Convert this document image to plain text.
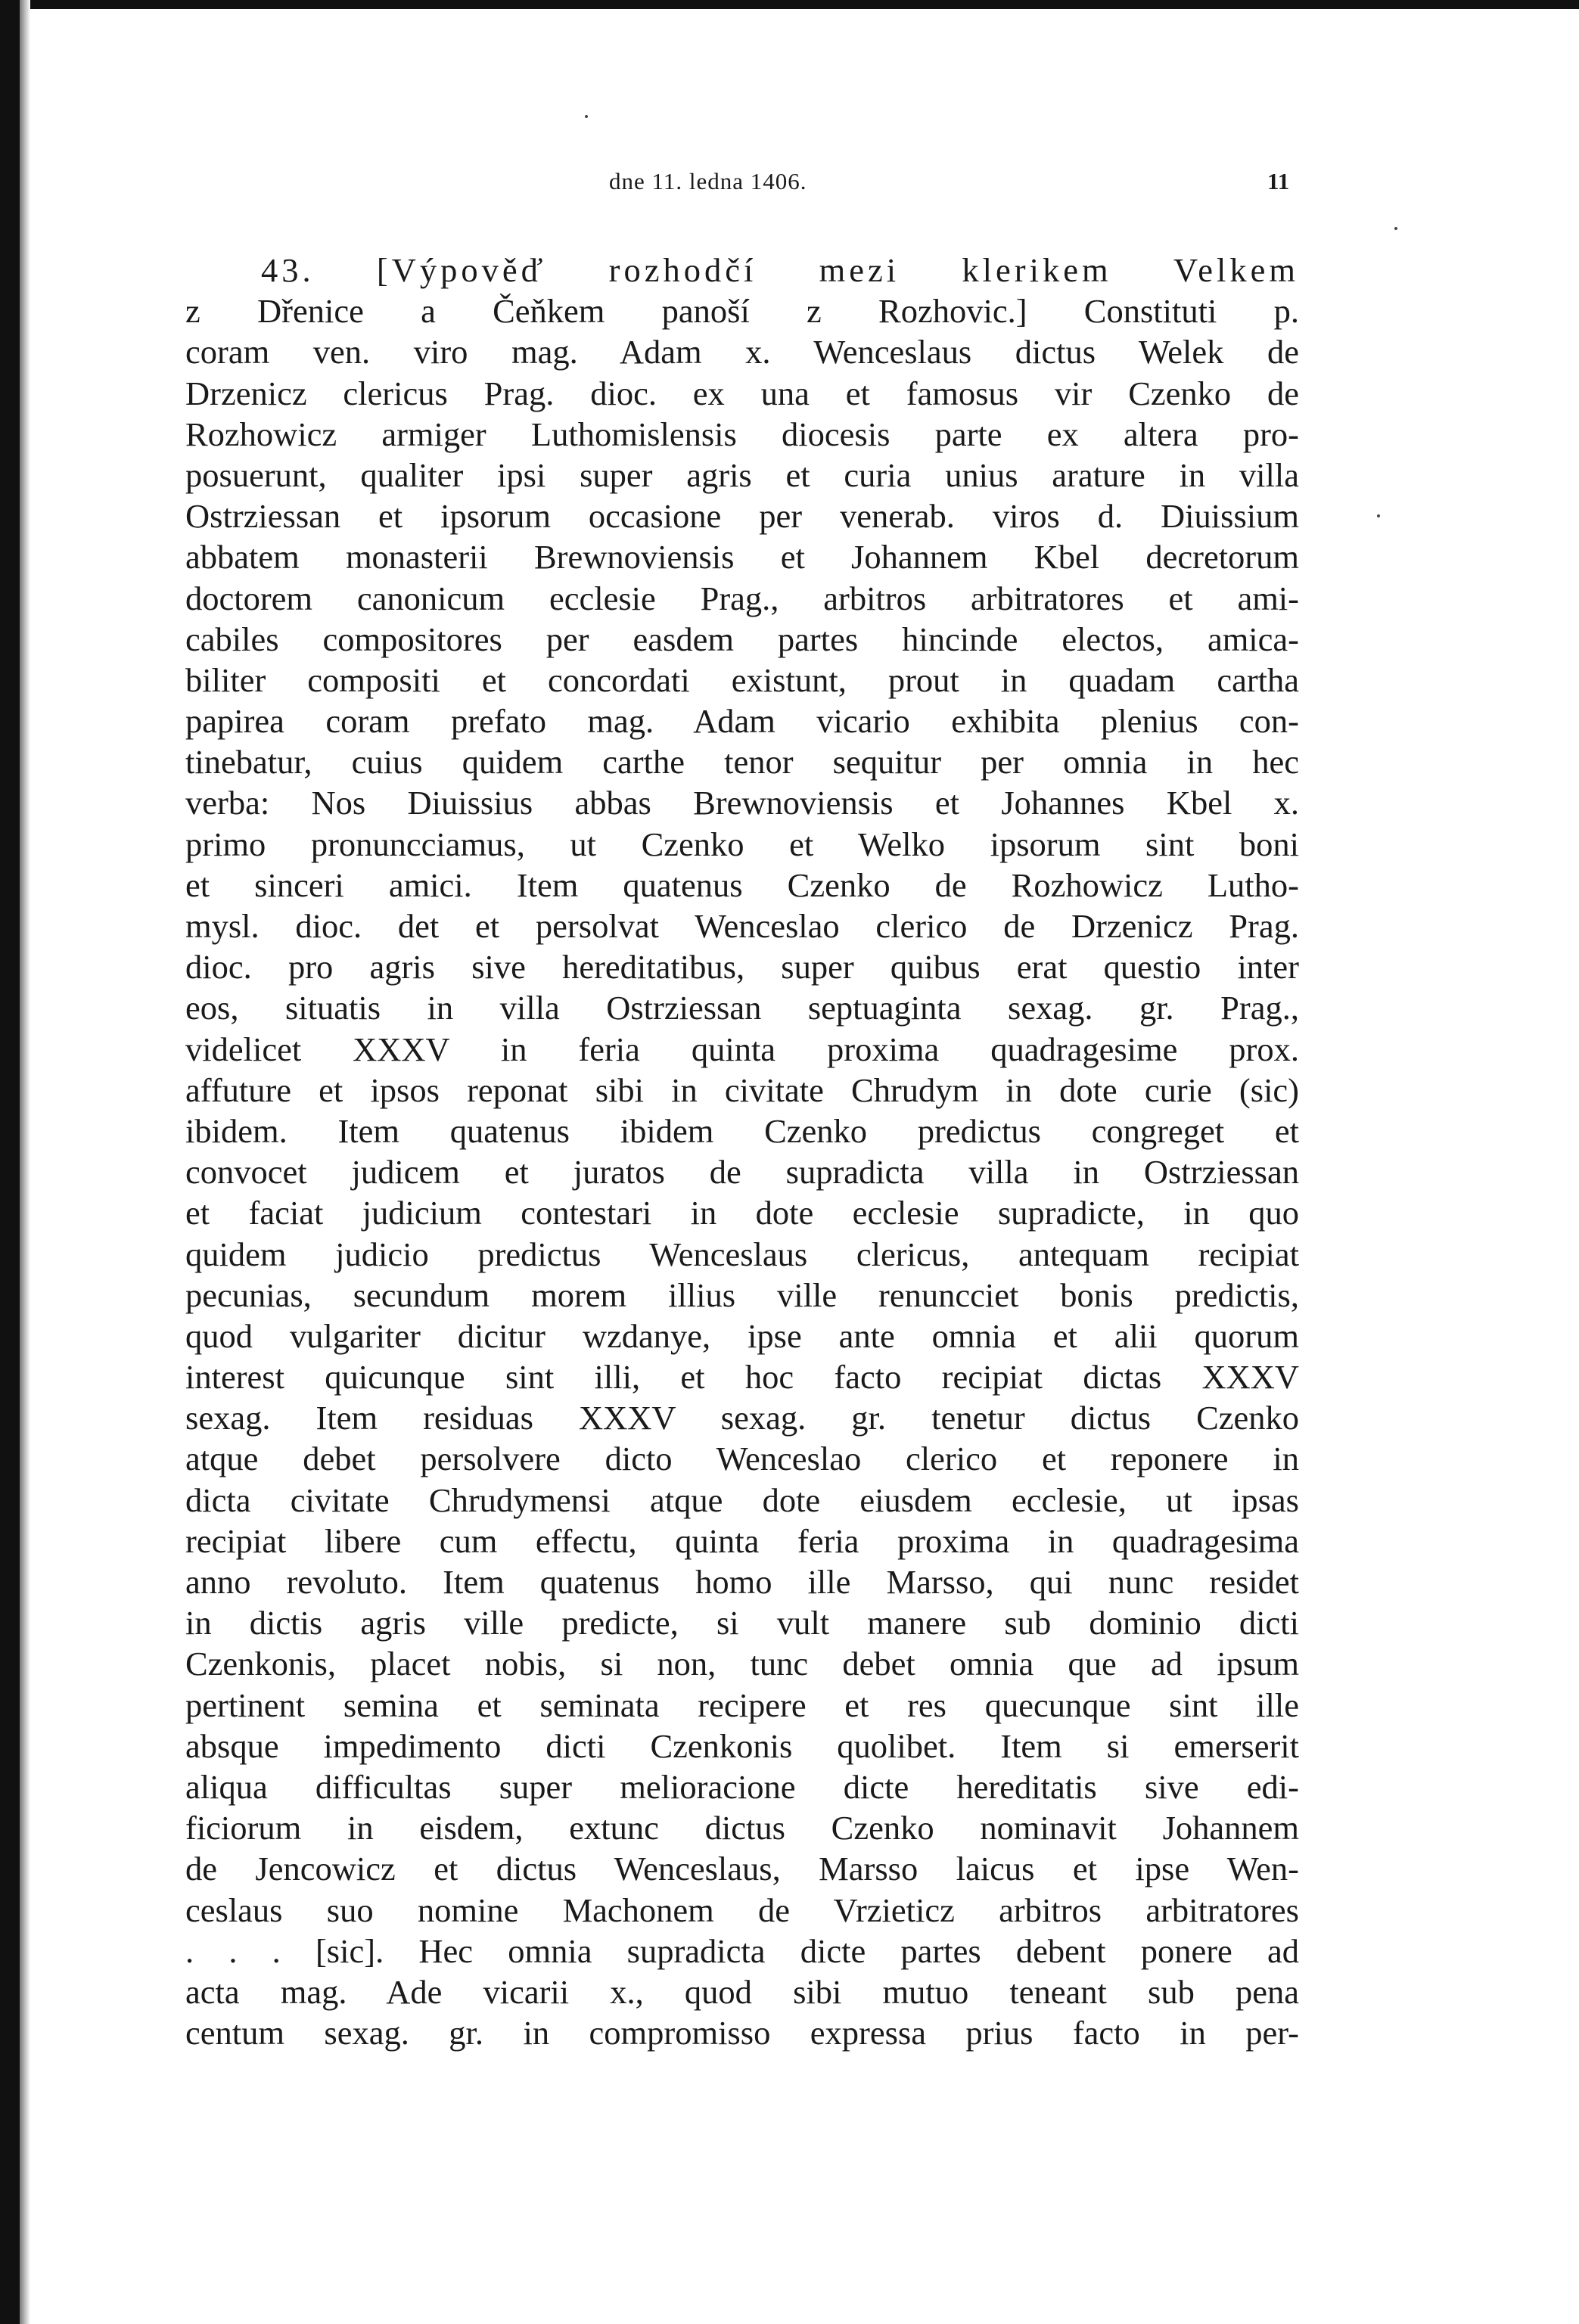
dne 11. ledna 1406.	11
43. [Výpověď rozhodčí mezi klerikem Velkem
z Dřenice a Čeňkem panoší z Rozhovic.] Constituti p.
coram ven. viro mag. Adam x. Wenceslaus dictus Welek de
Drzenicz clericus Prag. dioc. ex una et famosus vir Czenko de
Rozhowicz armiger Luthomislensis diocesis parte ex altera pro-
posuerunt, qualiter ipsi super agris et curia unius arature in villa
Ostrziessan et ipsorum occasione per venerab. viros d. Diuissium
abbatem monasterii Brewnoviensis et Johannem Kbel decretorum
doctorem canonicum ecclesie Prag., arbitros arbitratores et ami-
cabiles compositores per easdem partes hincinde electos, amica-
biliter compositi et concordati existunt, prout in quadam cartha
papirea coram prefato mag. Adam vicario exhibita plenius con-
tinebatur, cuius quidem carthe tenor sequitur per omnia in hec
verba: Nos Diuissius abbas Brewnoviensis et Johannes Kbel x.
primo pronuncciamus, ut Czenko et Welko ipsorum sint boni
et sinceri amici. Item quatenus Czenko de Rozhowicz Lutho-
mysl. dioc. det et persolvat Wenceslao clerico de Drzenicz Prag.
dioc. pro agris sive hereditatibus, super quibus erat questio inter
eos, situatis in villa Ostrziessan septuaginta sexag. gr. Prag.,
videlicet XXXV in feria quinta proxima quadragesime prox.
affuture et ipsos reponat sibi in civitate Chrudym in dote curie (sic)
ibidem. Item quatenus ibidem Czenko predictus congreget et
convocet judicem et juratos de supradicta villa in Ostrziessan
et faciat judicium contestari in dote ecclesie supradicte, in quo
quidem judicio predictus Wenceslaus clericus, antequam recipiat
pecunias, secundum morem illius ville renuncciet bonis predictis,
quod vulgariter dicitur wzdanye, ipse ante omnia et alii quorum
interest quicunque sint illi, et hoc facto recipiat dictas XXXV
sexag. Item residuas XXXV sexag. gr. tenetur dictus Czenko
atque debet persolvere dicto Wenceslao clerico et reponere in
dicta civitate Chrudymensi atque dote eiusdem ecclesie, ut ipsas
recipiat libere cum effectu, quinta feria proxima in quadragesima
anno revoluto. Item quatenus homo ille Marsso, qui nunc residet
in dictis agris ville predicte, si vult manere sub dominio dicti
Czenkonis, placet nobis, si non, tunc debet omnia que ad ipsum
pertinent semina et seminata recipere et res quecunque sint ille
absque impedimento dicti Czenkonis quolibet. Item si emerserit
aliqua difficultas super melioracione dicte hereditatis sive edi-
ficiorum in eisdem, extunc dictus Czenko nominavit Johannem
de Jencowicz et dictus Wenceslaus, Marsso laicus et ipse Wen-
ceslaus suo nomine Machonem de Vrzieticz arbitros arbitratores
. . . [sic]. Hec omnia supradicta dicte partes debent ponere ad
acta mag. Ade vicarii x., quod sibi mutuo teneant sub pena
centum sexag. gr. in compromisso expressa prius facto in per-
